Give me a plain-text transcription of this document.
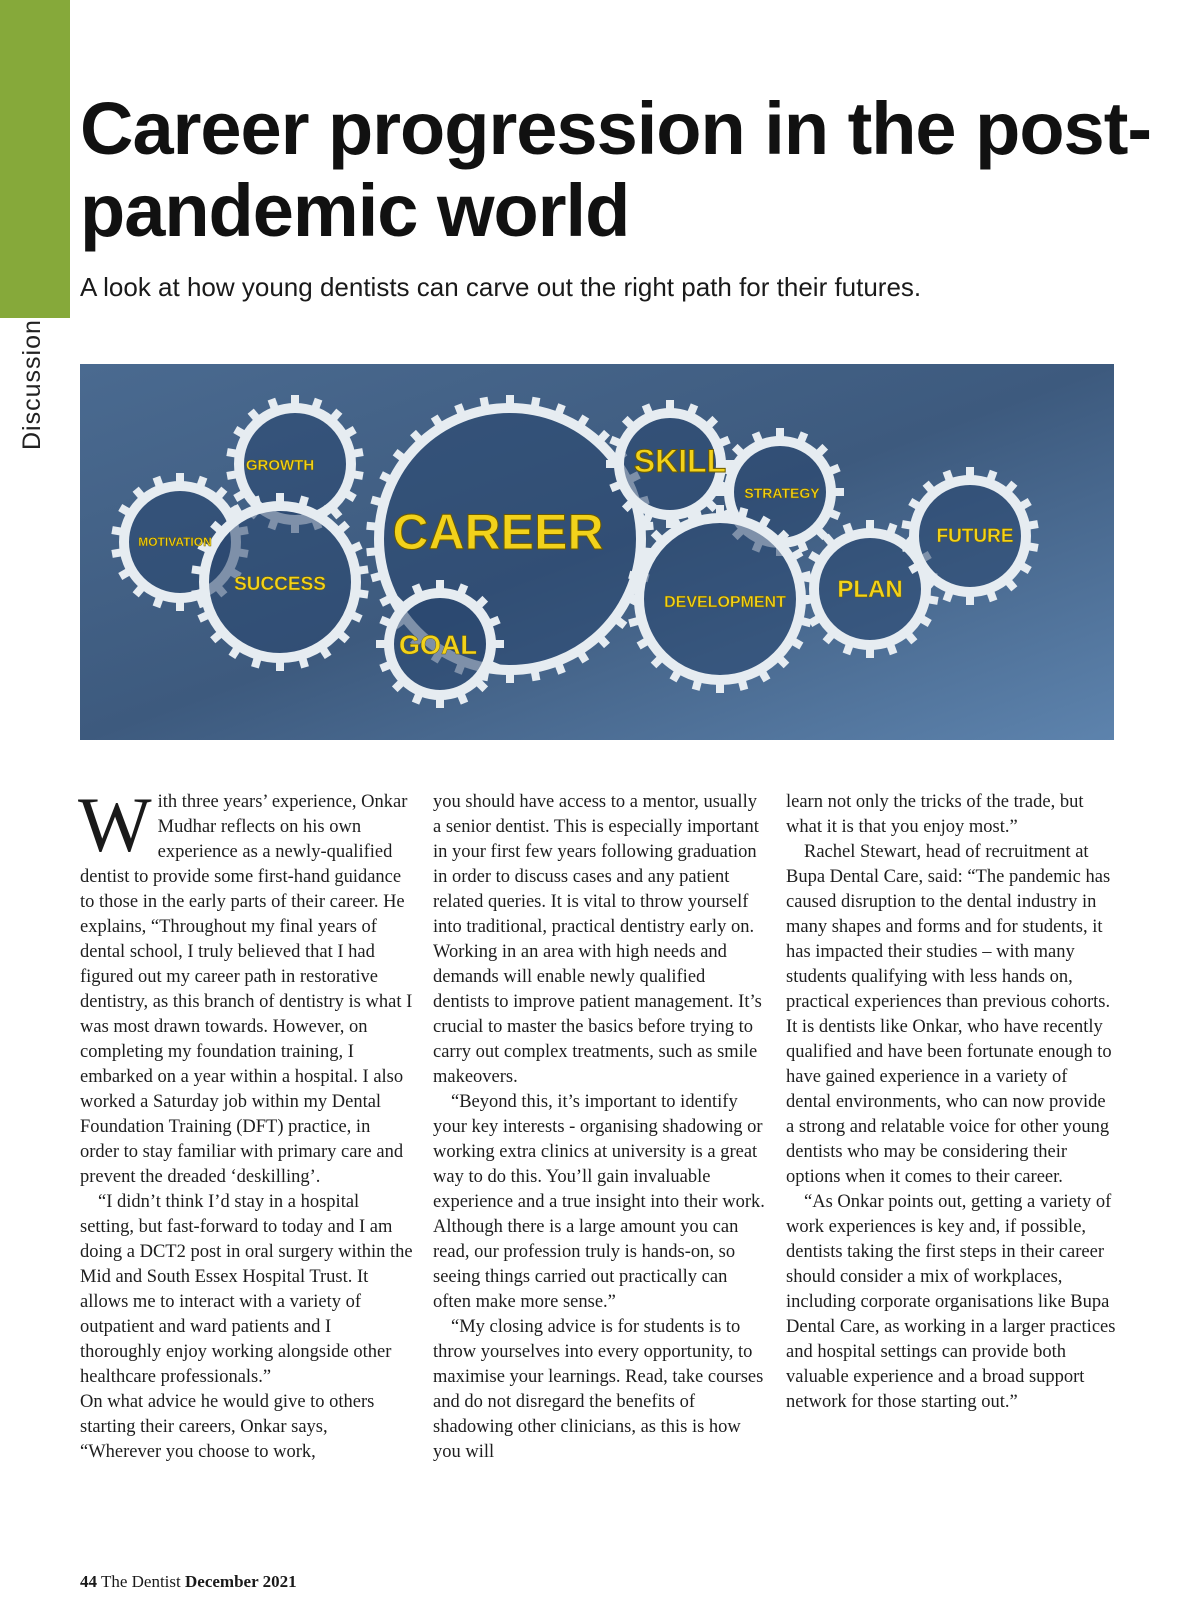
Discussion
Career progression in the post-pandemic world

A look at how young dentists can carve out the right path for their futures.

CAREER
SKILL
GROWTH
MOTIVATION
SUCCESS
GOAL
STRATEGY
DEVELOPMENT PLAN
FUTURE

With three years’ experience, Onkar Mudhar reflects on his own experience as a newly-qualified dentist to provide some first-hand guidance to those in the early parts of their career. He explains, “Throughout my final years of dental school, I truly believed that I had figured out my career path in restorative dentistry, as this branch of dentistry is what I was most drawn towards. However, on completing my foundation training, I embarked on a year within a hospital. I also worked a Saturday job within my Dental Foundation Training (DFT) practice, in order to stay familiar with primary care and prevent the dreaded ‘deskilling’.

“I didn’t think I’d stay in a hospital setting, but fast-forward to today and I am doing a DCT2 post in oral surgery within the Mid and South Essex Hospital Trust. It allows me to interact with a variety of outpatient and ward patients and I thoroughly enjoy working alongside other healthcare professionals.”

On what advice he would give to others starting their careers, Onkar says, “Wherever you choose to work,

you should have access to a mentor, usually a senior dentist. This is especially important in your first few years following graduation in order to discuss cases and any patient related queries. It is vital to throw yourself into traditional, practical dentistry early on. Working in an area with high needs and demands will enable newly qualified dentists to improve patient management. It’s crucial to master the basics before trying to carry out complex treatments, such as smile makeovers.

“Beyond this, it’s important to identify your key interests - organising shadowing or working extra clinics at university is a great way to do this. You’ll gain invaluable experience and a true insight into their work. Although there is a large amount you can read, our profession truly is hands-on, so seeing things carried out practically can often make more sense.”

“My closing advice is for students is to throw yourselves into every opportunity, to maximise your learnings. Read, take courses and do not disregard the benefits of shadowing other clinicians, as this is how you will

learn not only the tricks of the trade, but what it is that you enjoy most.”

Rachel Stewart, head of recruitment at Bupa Dental Care, said: “The pandemic has caused disruption to the dental industry in many shapes and forms and for students, it has impacted their studies – with many students qualifying with less hands on, practical experiences than previous cohorts. It is dentists like Onkar, who have recently qualified and have been fortunate enough to have gained experience in a variety of dental environments, who can now provide a strong and relatable voice for other young dentists who may be considering their options when it comes to their career.

“As Onkar points out, getting a variety of work experiences is key and, if possible, dentists taking the first steps in their career should consider a mix of workplaces, including corporate organisations like Bupa Dental Care, as working in a larger practices and hospital settings can provide both valuable experience and a broad support network for those starting out.”

44 The Dentist December 2021
